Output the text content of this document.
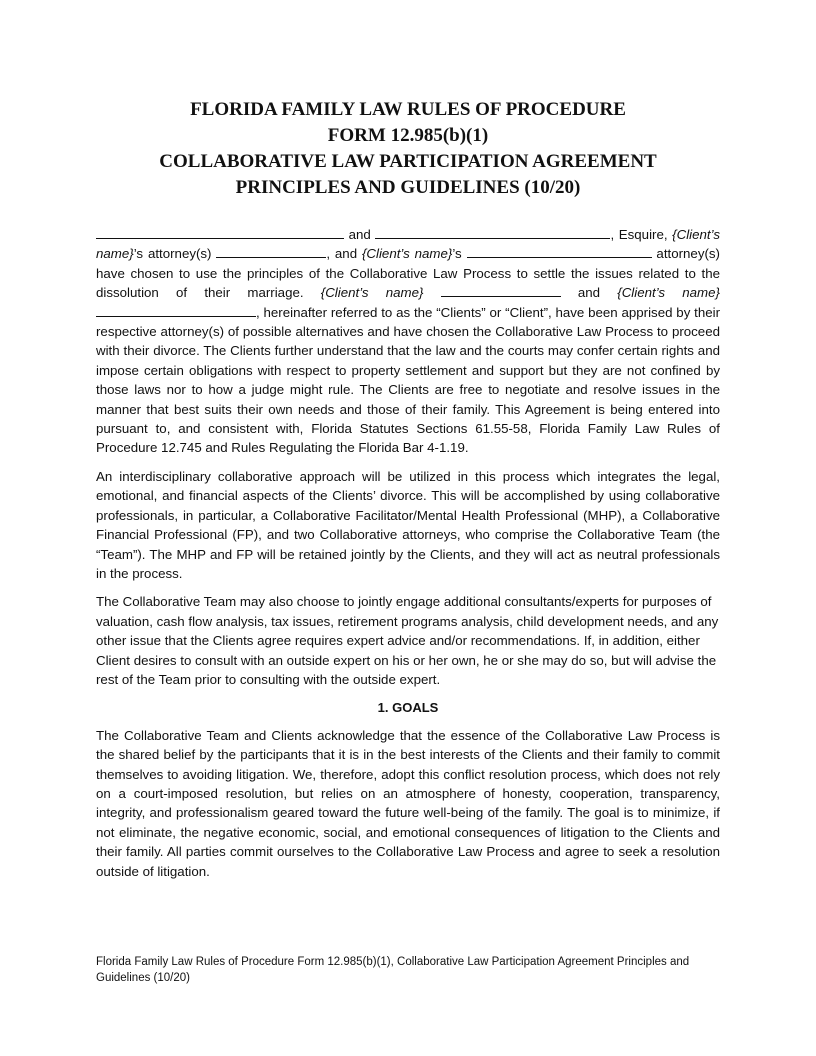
FLORIDA FAMILY LAW RULES OF PROCEDURE
FORM 12.985(b)(1)
COLLABORATIVE LAW PARTICIPATION AGREEMENT
PRINCIPLES AND GUIDELINES (10/20)

and	, Esquire, {Client’s name}’s attorney(s)	, and {Client’s name}’s	attorney(s) have chosen to use the principles of the Collaborative Law Process to settle the issues related to the dissolution of their marriage. {Client’s name}	and {Client’s name} , hereinafter referred to as the “Clients” or “Client”, have been apprised by their respective attorney(s) of possible alternatives and have chosen the Collaborative Law Process to proceed with their divorce. The Clients further understand that the law and the courts may confer certain rights and impose certain obligations with respect to property settlement and support but they are not confined by those laws nor to how a judge might rule. The Clients are free to negotiate and resolve issues in the manner that best suits their own needs and those of their family. This Agreement is being entered into pursuant to, and consistent with, Florida Statutes Sections 61.55-58, Florida Family Law Rules of Procedure 12.745 and Rules Regulating the Florida Bar 4-1.19.

An interdisciplinary collaborative approach will be utilized in this process which integrates the legal, emotional, and financial aspects of the Clients’ divorce. This will be accomplished by using collaborative professionals, in particular, a Collaborative Facilitator/Mental Health Professional (MHP), a Collaborative Financial Professional (FP), and two Collaborative attorneys, who comprise the Collaborative Team (the “Team”). The MHP and FP will be retained jointly by the Clients, and they will act as neutral professionals in the process.

The Collaborative Team may also choose to jointly engage additional consultants/experts for purposes of valuation, cash flow analysis, tax issues, retirement programs analysis, child development needs, and any other issue that the Clients agree requires expert advice and/or recommendations. If, in addition, either Client desires to consult with an outside expert on his or her own, he or she may do so, but will advise the rest of the Team prior to consulting with the outside expert.

1. GOALS

The Collaborative Team and Clients acknowledge that the essence of the Collaborative Law Process is the shared belief by the participants that it is in the best interests of the Clients and their family to commit themselves to avoiding litigation. We, therefore, adopt this conflict resolution process, which does not rely on a court-imposed resolution, but relies on an atmosphere of honesty, cooperation, transparency, integrity, and professionalism geared toward the future well-being of the family. The goal is to minimize, if not eliminate, the negative economic, social, and emotional consequences of litigation to the Clients and their family. All parties commit ourselves to the Collaborative Law Process and agree to seek a resolution outside of litigation.

Florida Family Law Rules of Procedure Form 12.985(b)(1), Collaborative Law Participation Agreement Principles and Guidelines (10/20)
